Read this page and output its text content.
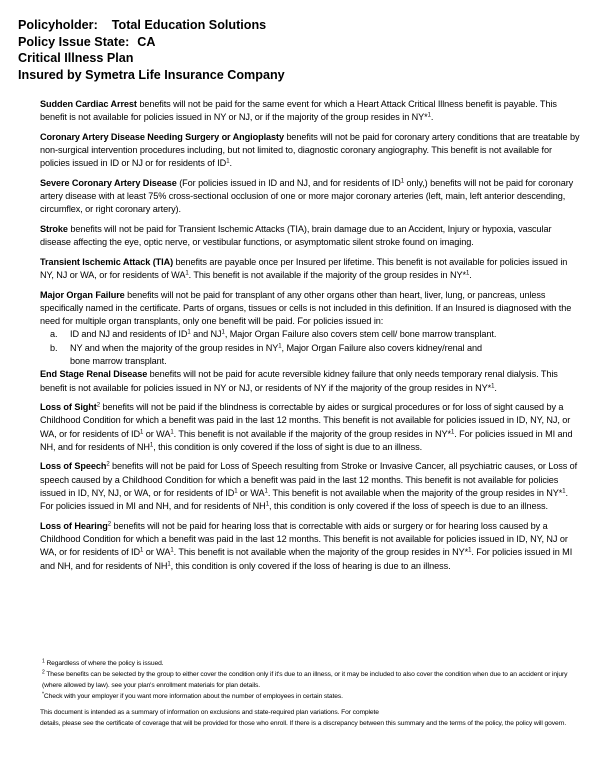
Policyholder: Total Education Solutions
Policy Issue State: CA
Critical Illness Plan
Insured by Symetra Life Insurance Company

Sudden Cardiac Arrest benefits will not be paid for the same event for which a Heart Attack Critical Illness benefit is payable. This benefit is not available for policies issued in NY or NJ, or if the majority of the group resides in NY*$^1$.

Coronary Artery Disease Needing Surgery or Angioplasty benefits will not be paid for coronary artery conditions that are treatable by non-surgical intervention procedures including, but not limited to, diagnostic coronary angiography. This benefit is not available for policies issued in ID or NJ or for residents of $ID^1$.

Severe Coronary Artery Disease (For policies issued in ID and NJ, and for residents of $ID^1$ only,) benefits will not be paid for coronary artery disease with at least 75% cross-sectional occlusion of one or more major coronary arteries (left, main, left anterior descending, circumflex, or right coronary artery).

Stroke benefits will not be paid for Transient Ischemic Attacks (TIA), brain damage due to an Accident, Injury or hypoxia, vascular disease affecting the eye, optic nerve, or vestibular functions, or asymptomatic silent stroke found on imaging.

Transient Ischemic Attack (TIA) benefits are payable once per Insured per lifetime. This benefit is not available for policies issued in NY, NJ or WA, or for residents of $WA^1$. This benefit is not available if the majority of the group resides in NY*$^1$.

Major Organ Failure benefits will not be paid for transplant of any other organs other than heart, liver, lung, or pancreas, unless specifically named in the certificate. Parts of organs, tissues or cells is not included in this definition. If an Insured is diagnosed with the need for multiple organ transplants, only one benefit will be paid. For policies issued in:

a. ID and NJ and residents of $ID^1$ and $NJ^1$, Major Organ Failure also covers stem cell/ bone marrow transplant.
b. NY and when the majority of the group resides in $NY^1$, Major Organ Failure also covers kidney/renal and bone marrow transplant.

End Stage Renal Disease benefits will not be paid for acute reversible kidney failure that only needs temporary renal dialysis. This benefit is not available for policies issued in NY or NJ, or residents of NY if the majority of the group resides in NY*$^1$.

Loss of Sight$^2$ benefits will not be paid if the blindness is correctable by aides or surgical procedures or for loss of sight caused by a Childhood Condition for which a benefit was paid in the last 12 months. This benefit is not available for policies issued in ID, NY, NJ, or WA, or for residents of $ID^1$ or $WA^1$. This benefit is not available if the majority of the group resides in NY*$^1$. For policies issued in MI and NH, and for residents of $NH^1$, this condition is only covered if the loss of sight is due to an illness.

Loss of Speech$^2$ benefits will not be paid for Loss of Speech resulting from Stroke or Invasive Cancer, all psychiatric causes, or Loss of speech caused by a Childhood Condition for which a benefit was paid in the last 12 months. This benefit is not available for policies issued in ID, NY, NJ, or WA, or for residents of $ID^1$ or $WA^1$. This benefit is not available when the majority of the group resides in NY*$^1$. For policies issued in MI and NH, and for residents of $NH^1$, this condition is only covered if the loss of speech is due to an illness.

Loss of Hearing$^2$ benefits will not be paid for hearing loss that is correctable with aids or surgery or for hearing loss caused by a Childhood Condition for which a benefit was paid in the last 12 months. This benefit is not available for policies issued in ID, NY, NJ or WA, or for residents of $ID^1$ or $WA^1$. This benefit is not available when the majority of the group resides in NY*$^1$. For policies issued in MI and NH, and for residents of $NH^1$, this condition is only covered if the loss of hearing is due to an illness.

$^1$ Regardless of where the policy is issued.
$^2$ These benefits can be selected by the group to either cover the condition only if it's due to an illness, or it may be included to also cover the condition when due to an accident or injury (where allowed by law). see your plan's enrollment materials for plan details.
*Check with your employer if you want more information about the number of employees in certain states.
This document is intended as a summary of information on exclusions and state-required plan variations. For complete
details, please see the certificate of coverage that will be provided for those who enroll. If there is a discrepancy between this summary and the terms of the policy, the policy will govern.
